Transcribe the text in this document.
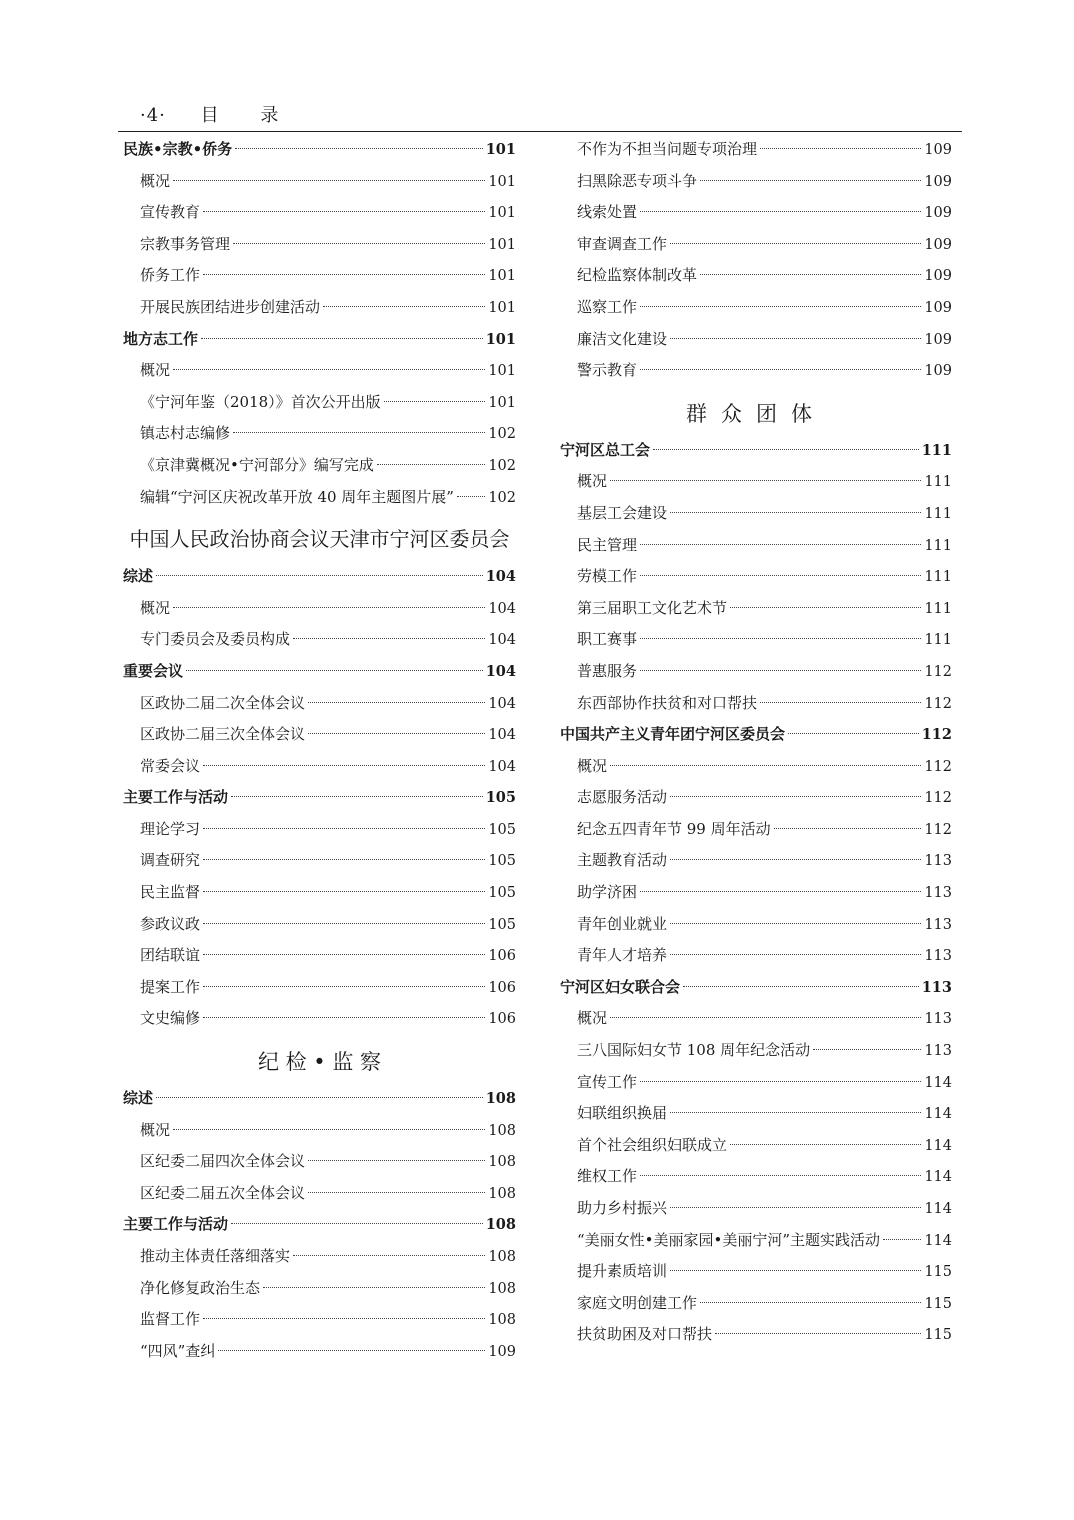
·4· 目 录
民族•宗教•侨务	101
概况	101
宣传教育	101
宗教事务管理	101
侨务工作	101
开展民族团结进步创建活动	101
地方志工作	101
概况	101
《宁河年鉴（2018）》首次公开出版	101
镇志村志编修	102
《京津冀概况•宁河部分》编写完成	102
编辑“宁河区庆祝改革开放 40 周年主题图片展” 102
中国人民政治协商会议天津市宁河区委员会
综述	104
概况	104
专门委员会及委员构成	104
重要会议	104
区政协二届二次全体会议	104
区政协二届三次全体会议	104
常委会议	104
主要工作与活动	105
理论学习	105
调查研究	105
民主监督	105
参政议政	105
团结联谊	106
提案工作	106
文史编修	106
纪 检 • 监 察
综述	108
概况	108
区纪委二届四次全体会议	108
区纪委二届五次全体会议	108
主要工作与活动	108
推动主体责任落细落实	108
净化修复政治生态	108
监督工作	108
“四风”查纠	109
不作为不担当问题专项治理	109
扫黑除恶专项斗争	109
线索处置	109
审查调查工作	109
纪检监察体制改革	109
巡察工作	109
廉洁文化建设	109
警示教育	109
群众团体
宁河区总工会	111
概况	111
基层工会建设	111
民主管理	111
劳模工作	111
第三届职工文化艺术节	111
职工赛事	111
普惠服务	112
东西部协作扶贫和对口帮扶	112
中国共产主义青年团宁河区委员会	112
概况	112
志愿服务活动	112
纪念五四青年节 99 周年活动	112
主题教育活动	113
助学济困	113
青年创业就业	113
青年人才培养	113
宁河区妇女联合会	113
概况	113
三八国际妇女节 108 周年纪念活动	113
宣传工作	114
妇联组织换届	114
首个社会组织妇联成立	114
维权工作	114
助力乡村振兴	114
“美丽女性•美丽家园•美丽宁河”主题实践活动	114
提升素质培训	115
家庭文明创建工作	115
扶贫助困及对口帮扶	115
